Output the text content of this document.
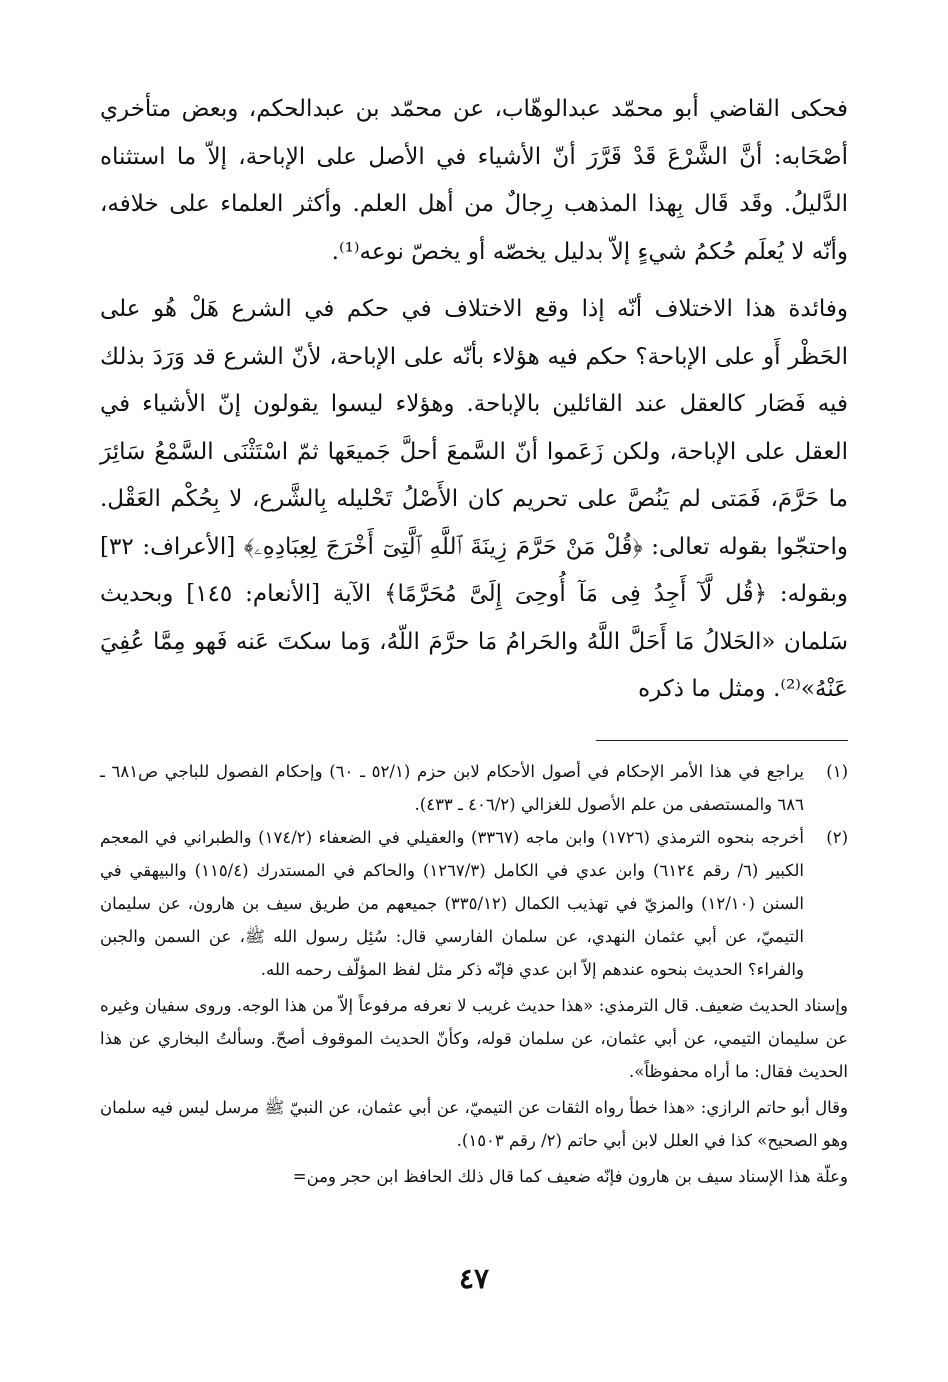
فحكى القاضي أبو محمّد عبدالوهّاب، عن محمّد بن عبدالحكم، وبعض متأخري أصْحَابه: أنَّ الشَّرْعَ قَدْ قَرَّرَ أنّ الأشياء في الأصل على الإباحة، إلاّ ما استثناه الدَّليلُ. وقَد قَال بِهذا المذهب رِجالٌ من أهل العلم. وأكثر العلماء على خلافه، وأنّه لا يُعلَم حُكمُ شيءٍ إلاّ بدليل يخصّه أو يخصّ نوعه⁽¹⁾.

وفائدة هذا الاختلاف أنّه إذا وقع الاختلاف في حكم في الشرع هَلْ هُو على الحَظْر أَو على الإباحة؟ حكم فيه هؤلاء بأنّه على الإباحة، لأنّ الشرع قد وَرَدَ بذلك فيه فَصَار كالعقل عند القائلين بالإباحة. وهؤلاء ليسوا يقولون إنّ الأشياء في العقل على الإباحة، ولكن زَعَموا أنّ السَّمعَ أحلَّ جَميعَها ثمّ اسْتَثْنَى السَّمْعُ سَائِرَ ما حَرَّمَ، فَمَتى لم يَنُصَّ على تحريم كان الأَصْلُ تَحْليله بِالشَّرع، لا بِحُكْم العَقْل. واحتجّوا بقوله تعالى: ﴿قُلْ مَنْ حَرَّمَ زِينَةَ ٱللَّهِ ٱلَّتِىٓ أَخْرَجَ لِعِبَادِهِۦ﴾ [الأعراف: ٣٢] وبقوله: ﴿قُل لَّآ أَجِدُ فِى مَآ أُوحِىَ إِلَىَّ مُحَرَّمًا﴾ الآية [الأنعام: ١٤٥] وبحديث سَلمان «الحَلالُ مَا أَحَلَّ اللَّهُ والحَرامُ مَا حرَّمَ اللّهُ، وَما سكتَ عَنه فَهو مِمَّا عُفِيَ عَنْهُ»⁽²⁾. ومثل ما ذكره

(١)

يراجع في هذا الأمر الإحكام في أصول الأحكام لابن حزم (٥٢/١ ـ ٦٠) وإحكام الفصول للباجي ص٦٨١ ـ ٦٨٦ والمستصفى من علم الأصول للغزالي (٤٠٦/٢ ـ ٤٣٣).

(٢)

أخرجه بنحوه الترمذي (١٧٢٦) وابن ماجه (٣٣٦٧) والعقيلي في الضعفاء (١٧٤/٢) والطبراني في المعجم الكبير (٦/ رقم ٦١٢٤) وابن عدي في الكامل (١٢٦٧/٣) والحاكم في المستدرك (١١٥/٤) والبيهقي في السنن (١٢/١٠) والمزيّ في تهذيب الكمال (٣٣٥/١٢) جميعهم من طريق سيف بن هارون، عن سليمان التيميّ، عن أبي عثمان النهدي، عن سلمان الفارسي قال: سُئِل رسول الله ﷺ، عن السمن والجبن والفراء؟ الحديث بنحوه عندهم إلاّ ابن عدي فإنّه ذكر مثل لفظ المؤلّف رحمه الله.

وإسناد الحديث ضعيف. قال الترمذي: «هذا حديث غريب لا نعرفه مرفوعاً إلاّ من هذا الوجه. وروى سفيان وغيره عن سليمان التيمي، عن أبي عثمان، عن سلمان قوله، وكأنّ الحديث الموقوف أصحّ. وسألتُ البخاري عن هذا الحديث فقال: ما أراه محفوظاً».

وقال أبو حاتم الرازي: «هذا خطأ رواه الثقات عن التيميّ، عن أبي عثمان، عن النبيّ ﷺ مرسل ليس فيه سلمان وهو الصحيح» كذا في العلل لابن أبي حاتم (٢/ رقم ١٥٠٣).

وعلّة هذا الإسناد سيف بن هارون فإنّه ضعيف كما قال ذلك الحافظ ابن حجر ومن=

٤٧
